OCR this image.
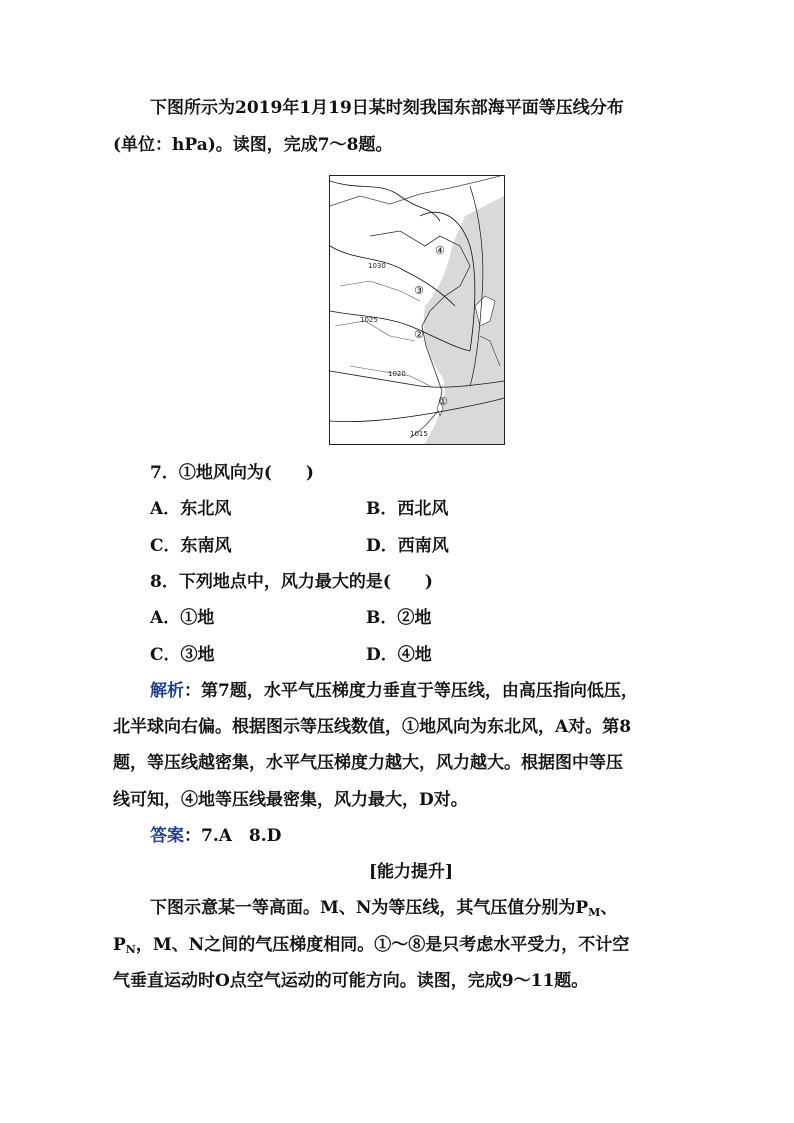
下图所示为2019年1月19日某时刻我国东部海平面等压线分布
(单位：hPa)。读图，完成7～8题。
1030
1025
1020
1015
①
②
③
④
7．①地风向为(　　)
A．东北风	B．西北风
C．东南风	D．西南风
8．下列地点中，风力最大的是(　　)
A．①地	B．②地
C．③地	D．④地
解析：第7题，水平气压梯度力垂直于等压线，由高压指向低压，
北半球向右偏。根据图示等压线数值，①地风向为东北风，A对。第8
题，等压线越密集，水平气压梯度力越大，风力越大。根据图中等压
线可知，④地等压线最密集，风力最大，D对。
答案：7.A　8.D
[能力提升]
下图示意某一等高面。M、N为等压线，其气压值分别为$P_M$、
$P_N$，M、N之间的气压梯度相同。①～⑧是只考虑水平受力，不计空
气垂直运动时O点空气运动的可能方向。读图，完成9～11题。
